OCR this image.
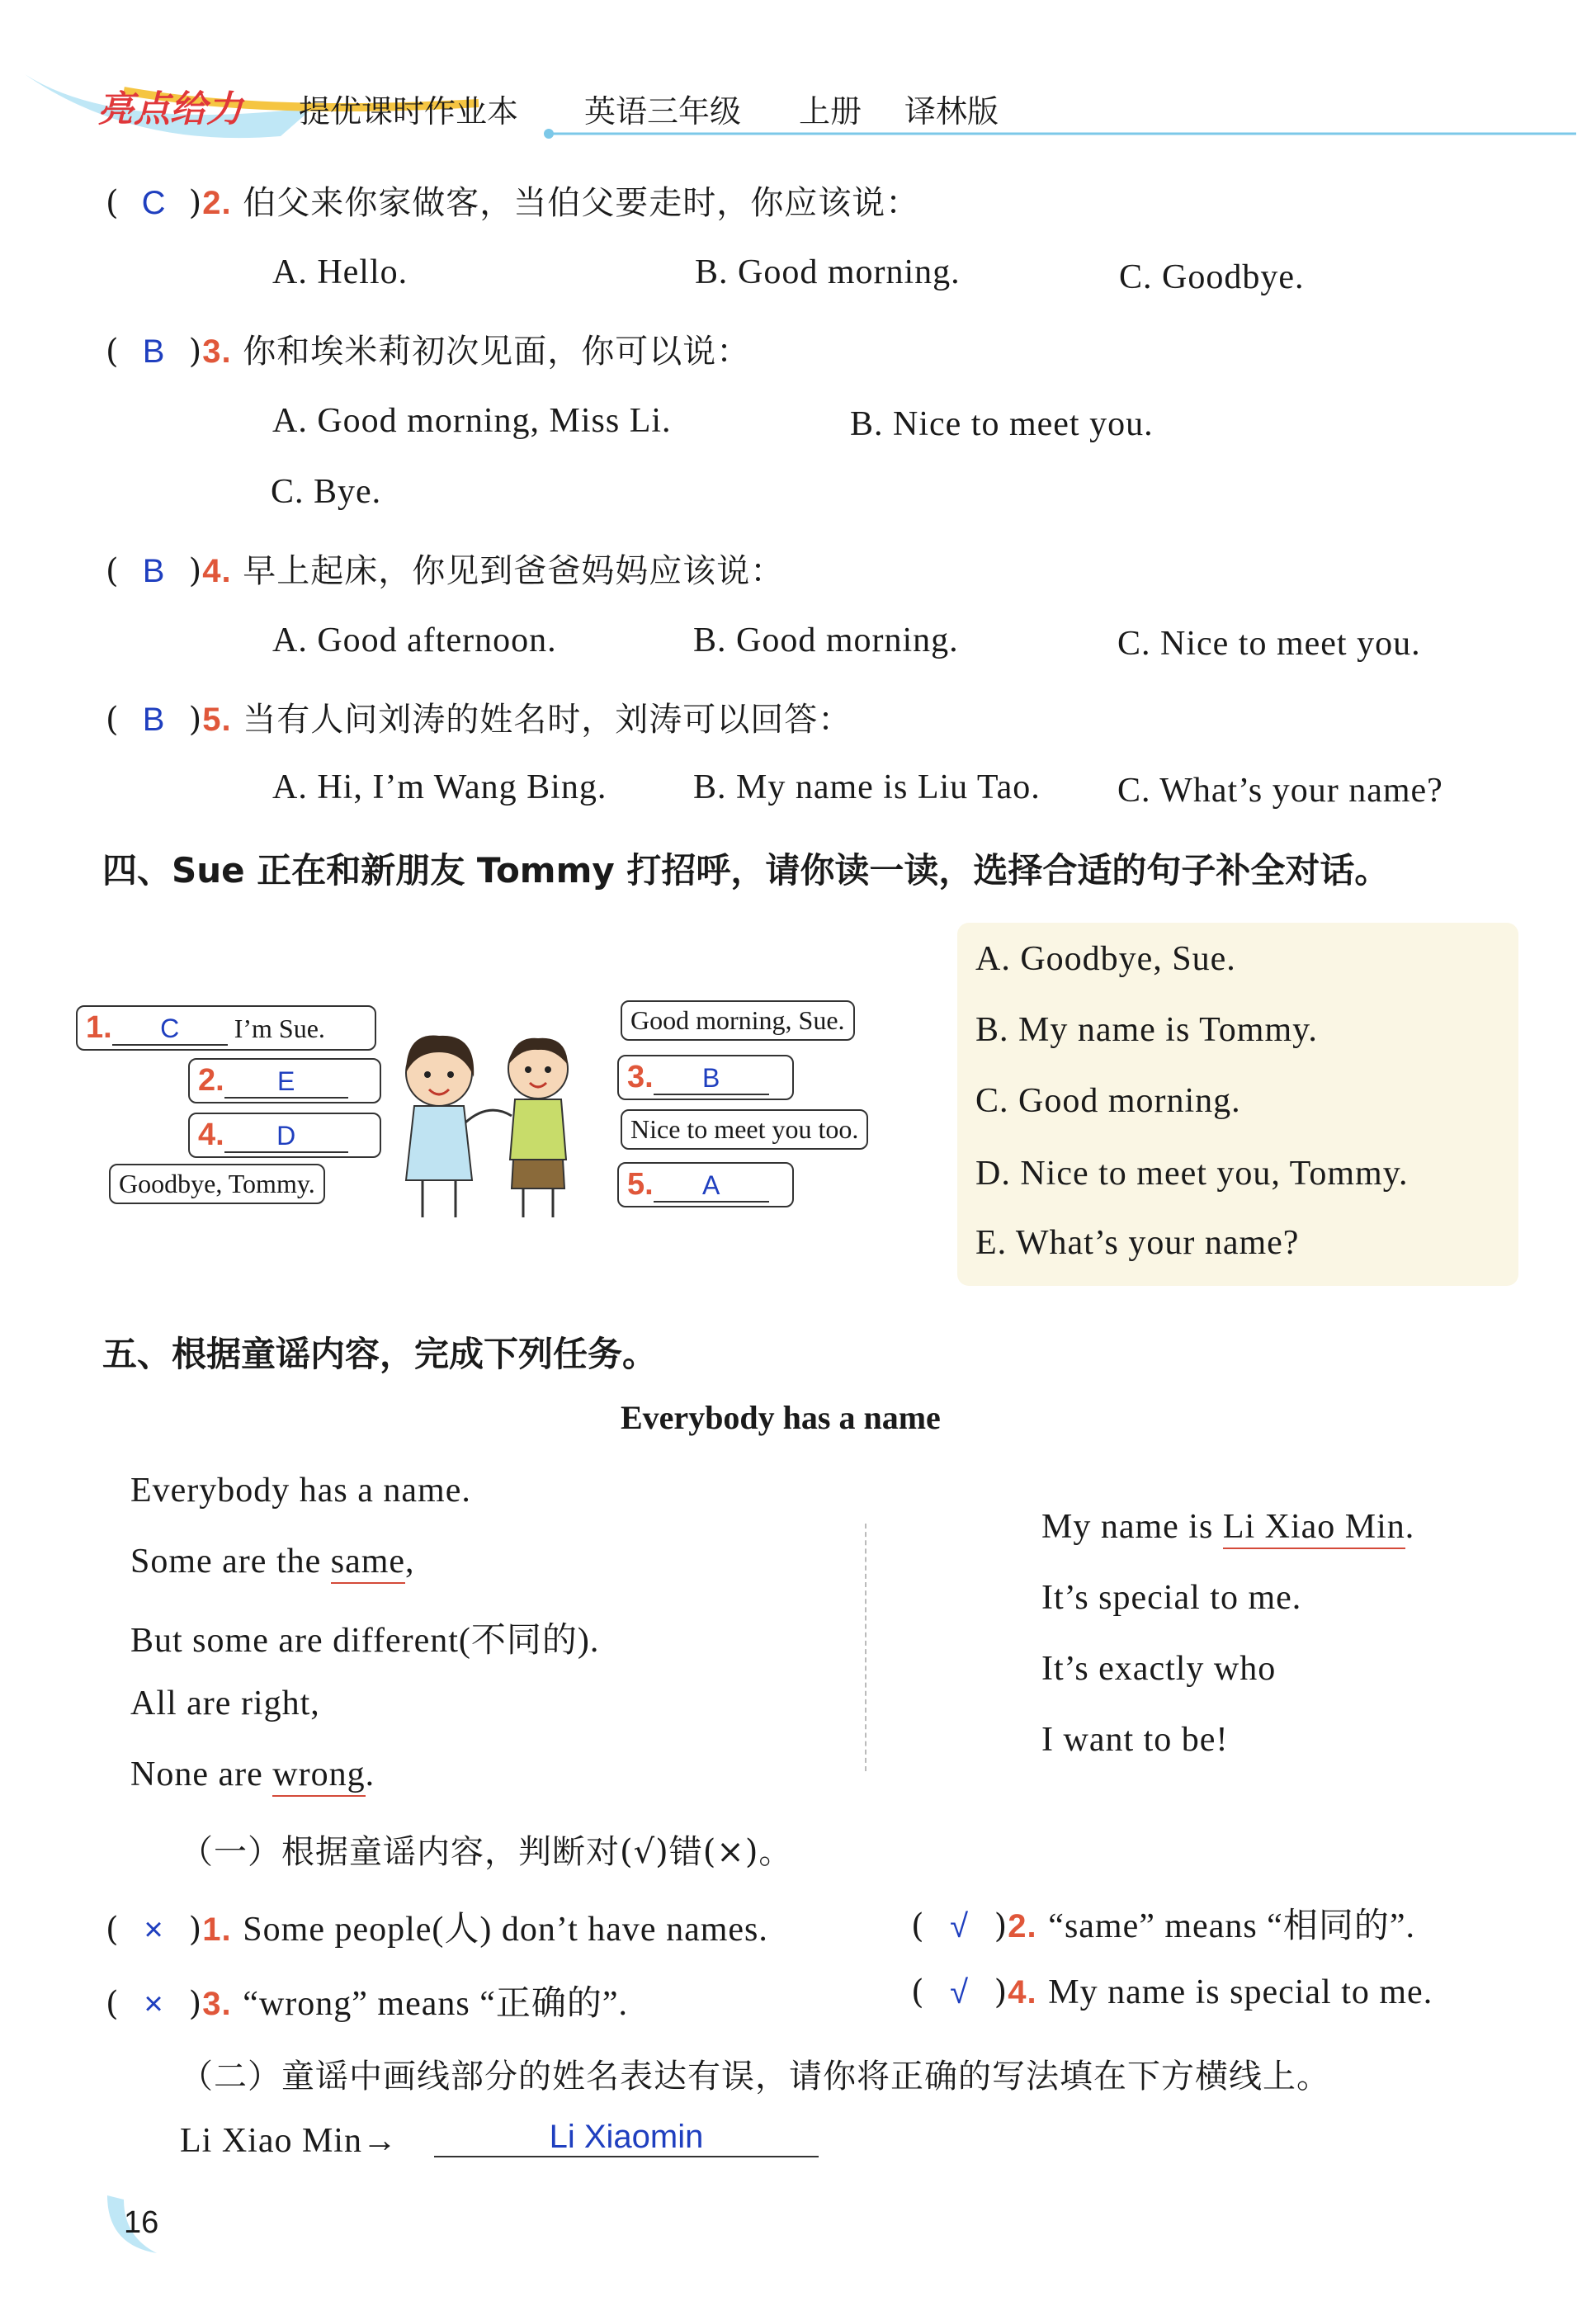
亮点给力 提优课时作业本 英语三年级 上册 译林版
( C )2. 伯父来你家做客，当伯父要走时，你应该说：
A. Hello.	B. Good morning.	C. Goodbye.
( B )3. 你和埃米莉初次见面，你可以说：
A. Good morning, Miss Li.	B. Nice to meet you.
C. Bye.
( B )4. 早上起床，你见到爸爸妈妈应该说：
A. Good afternoon.	B. Good morning.	C. Nice to meet you.
( B )5. 当有人问刘涛的姓名时，刘涛可以回答：
A. Hi, I’m Wang Bing. B. My name is Liu Tao. C. What’s your name?
四、Sue 正在和新朋友 Tommy 打招呼，请你读一读，选择合适的句子补全对话。
1. C I’m Sue.
2. E
4. D
Goodbye, Tommy.
Good morning, Sue.
3. B
Nice to meet you too.
5. A
A. Goodbye, Sue.
B. My name is Tommy.
C. Good morning.
D. Nice to meet you, Tommy.
E. What’s your name?
五、根据童谣内容，完成下列任务。
Everybody has a name
Everybody has a name.
Some are the same,
But some are different(不同的).
All are right,
None are wrong.
My name is Li Xiao Min.
It’s special to me.
It’s exactly who
I want to be!
（一）根据童谣内容，判断对(√)错(×)。
( × )1. Some people(人) don’t have names.	( √ )2. “same” means “相同的”.
( × )3. “wrong” means “正确的”.	( √ )4. My name is special to me.
（二）童谣中画线部分的姓名表达有误，请你将正确的写法填在下方横线上。
Li Xiao Min→	Li Xiaomin
16
